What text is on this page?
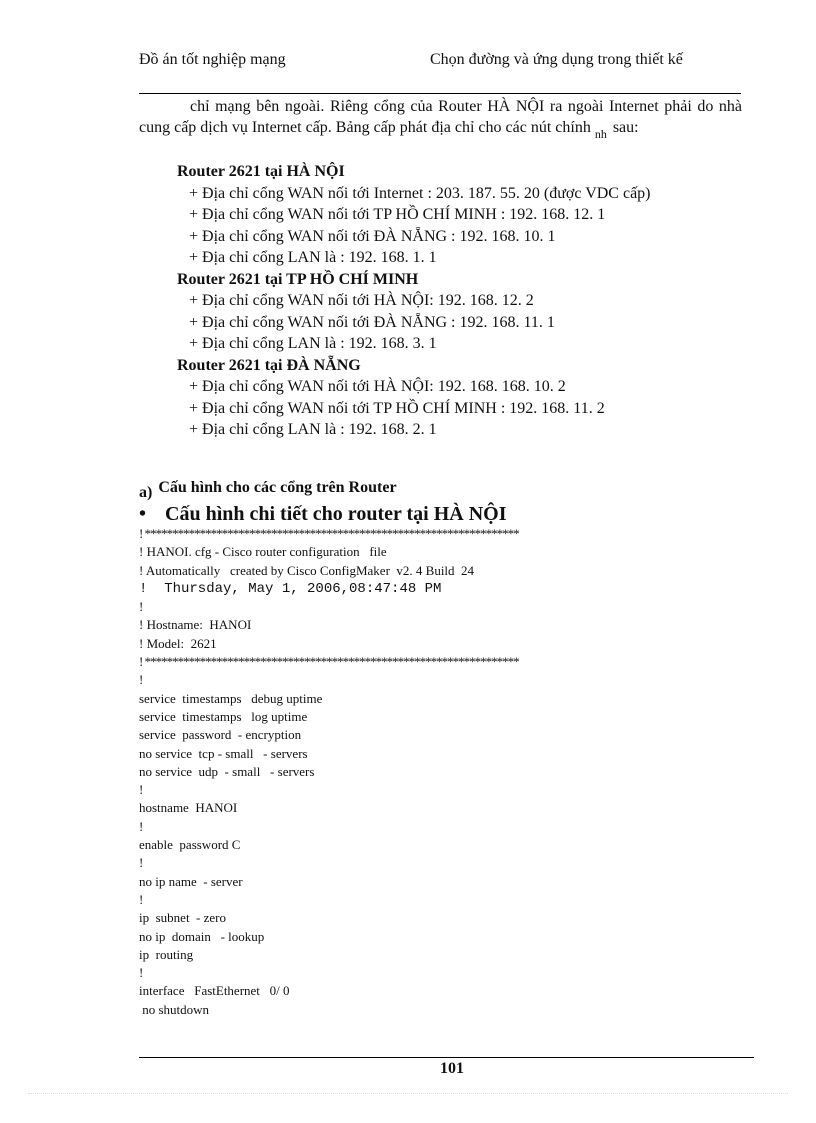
Đồ án tốt nghiệp mạng	Chọn đường và ứng dụng trong thiết kế
chỉ mạng bên ngoài. Riêng cổng của Router HÀ NỘI ra ngoài Internet phải do nhà cung cấp dịch vụ Internet cấp. Bảng cấp phát địa chỉ cho các nút chính $_{nh}$ sau:
Router 2621 tại HÀ NỘI
+ Địa chỉ cổng WAN nối tới Internet : 203. 187. 55. 20 (được VDC cấp)
+ Địa chỉ cổng WAN nối tới TP HỒ CHÍ MINH : 192. 168. 12. 1
+ Địa chỉ cổng WAN nối tới ĐÀ NẴNG : 192. 168. 10. 1
+ Địa chỉ cổng LAN là : 192. 168. 1. 1
Router 2621 tại TP HỒ CHÍ MINH
+ Địa chỉ cổng WAN nối tới HÀ NỘI: 192. 168. 12. 2
+ Địa chỉ cổng WAN nối tới ĐÀ NẴNG : 192. 168. 11. 1
+ Địa chỉ cổng LAN là : 192. 168. 3. 1
Router 2621 tại ĐÀ NẴNG
+ Địa chỉ cổng WAN nối tới HÀ NỘI: 192. 168. 168. 10. 2
+ Địa chỉ cổng WAN nối tới TP HỒ CHÍ MINH : 192. 168. 11. 2
+ Địa chỉ cổng LAN là : 192. 168. 2. 1
a) Cấu hình cho các cổng trên Router
• Cấu hình chi tiết cho router tại HÀ NỘI
! ********************************************************************
! HANOI. cfg - Cisco router configuration   file
! Automatically   created by Cisco ConfigMaker  v2. 4 Build  24
!  Thursday, May 1, 2006,08:47:48 PM
!
! Hostname:  HANOI
! Model:  2621
! ********************************************************************
!
service  timestamps   debug uptime
service  timestamps   log uptime
service  password  - encryption
no service  tcp - small   - servers
no service  udp  - small   - servers
!
hostname  HANOI
!
enable  password C
!
no ip name  - server
!
ip  subnet  - zero
no ip  domain   - lookup
ip  routing
!
interface   FastEthernet   0/ 0
no shutdown
101
